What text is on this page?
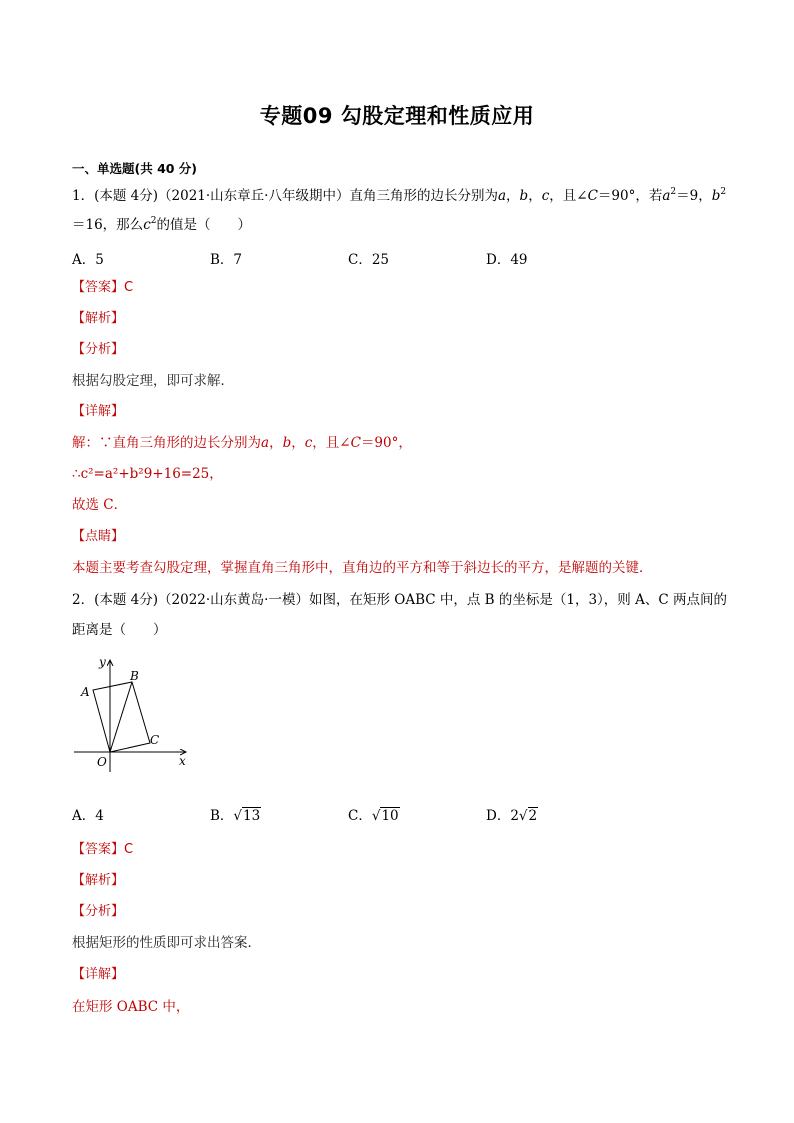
专题09 勾股定理和性质应用
一、单选题(共 40 分)
1．(本题 4分)（2021·山东章丘·八年级期中）直角三角形的边长分别为a，b，c，且∠C＝90°，若$a^2=9$，$b^2$
＝16，那么$c^2$的值是（　　）
A．5	B．7	C．25	D．49
【答案】C
【解析】
【分析】
根据勾股定理，即可求解．
【详解】
解：∵直角三角形的边长分别为a，b，c，且∠C＝90°，
∴c²=a²+b²9+16=25，
故选 C．
【点睛】
本题主要考查勾股定理，掌握直角三角形中，直角边的平方和等于斜边长的平方，是解题的关键．
2．(本题 4分)（2022·山东黄岛·一模）如图，在矩形 OABC 中，点 B 的坐标是（1，3），则 A、C 两点间的
距离是（　　）
y
x
O
A
B
C
A．4	B．√13	C．√10	D．2√2
【答案】C
【解析】
【分析】
根据矩形的性质即可求出答案．
【详解】
在矩形 OABC 中，
